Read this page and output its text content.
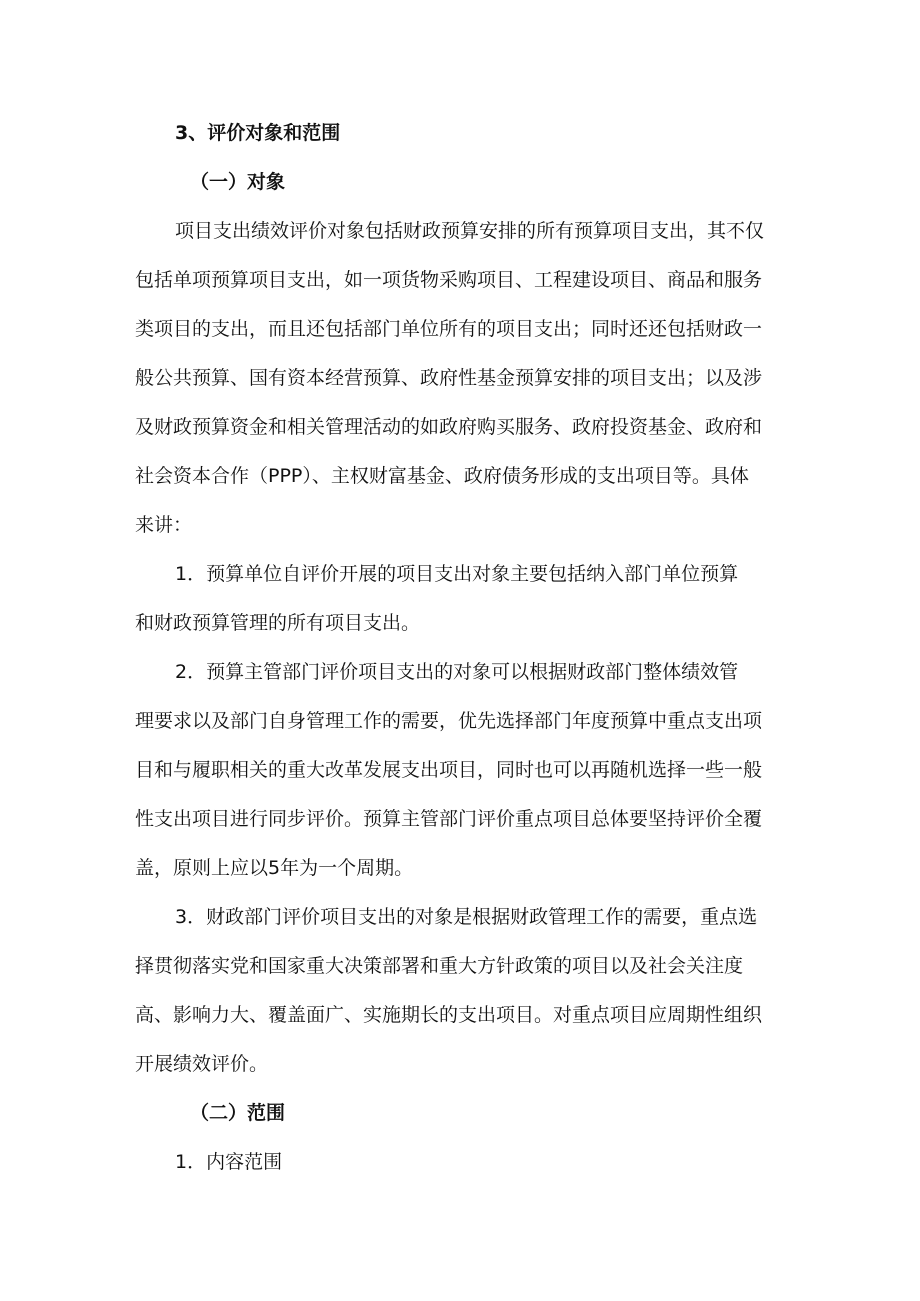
3、评价对象和范围
（一）对象
项目支出绩效评价对象包括财政预算安排的所有预算项目支出，其不仅
包括单项预算项目支出，如一项货物采购项目、工程建设项目、商品和服务
类项目的支出，而且还包括部门单位所有的项目支出；同时还还包括财政一
般公共预算、国有资本经营预算、政府性基金预算安排的项目支出；以及涉
及财政预算资金和相关管理活动的如政府购买服务、政府投资基金、政府和
社会资本合作（PPP）、主权财富基金、政府债务形成的支出项目等。具体
来讲：
1．预算单位自评价开展的项目支出对象主要包括纳入部门单位预算
和财政预算管理的所有项目支出。
2．预算主管部门评价项目支出的对象可以根据财政部门整体绩效管
理要求以及部门自身管理工作的需要，优先选择部门年度预算中重点支出项
目和与履职相关的重大改革发展支出项目，同时也可以再随机选择一些一般
性支出项目进行同步评价。预算主管部门评价重点项目总体要坚持评价全覆
盖，原则上应以5年为一个周期。
3．财政部门评价项目支出的对象是根据财政管理工作的需要，重点选
择贯彻落实党和国家重大决策部署和重大方针政策的项目以及社会关注度
高、影响力大、覆盖面广、实施期长的支出项目。对重点项目应周期性组织
开展绩效评价。
（二）范围
1．内容范围
